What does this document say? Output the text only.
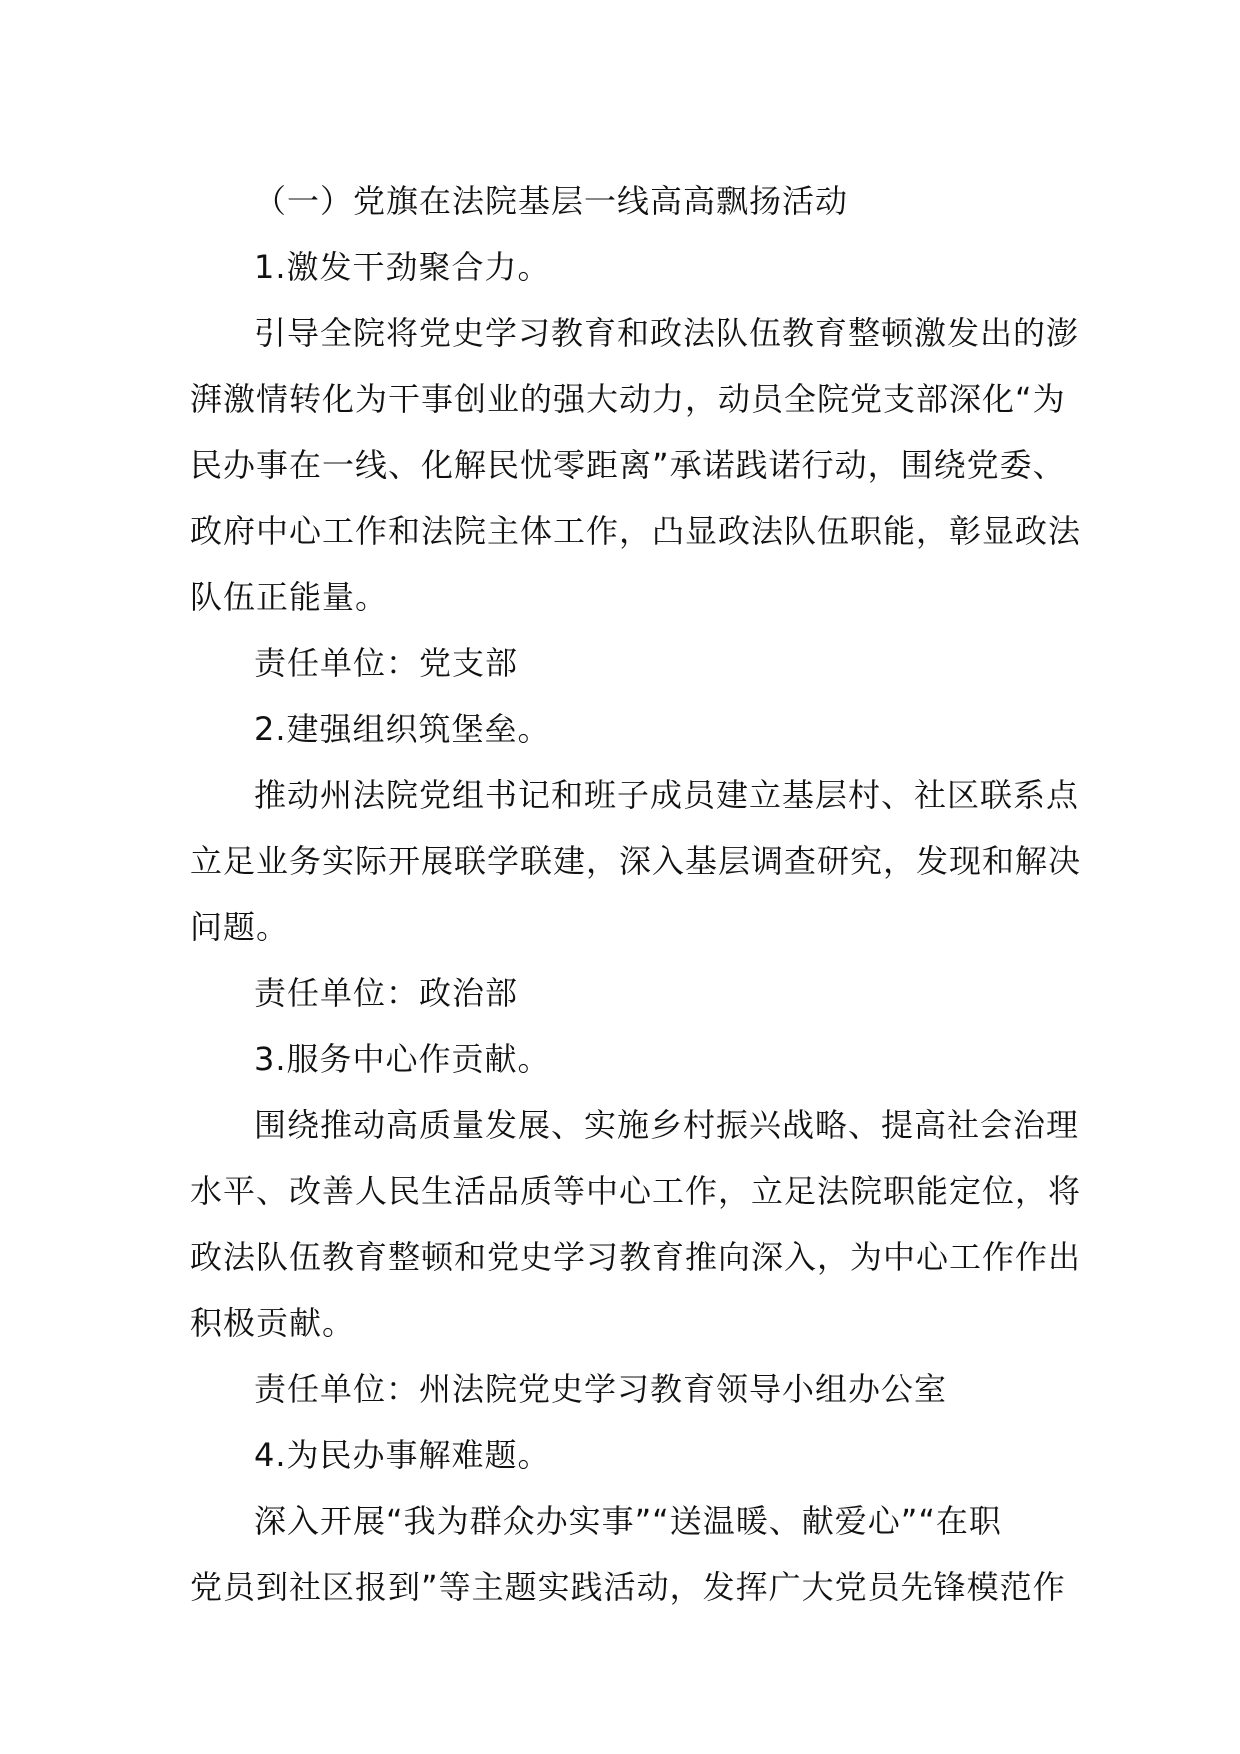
（一）党旗在法院基层一线高高飘扬活动
1.激发干劲聚合力。
引导全院将党史学习教育和政法队伍教育整顿激发出的澎
湃激情转化为干事创业的强大动力，动员全院党支部深化“为
民办事在一线、化解民忧零距离”承诺践诺行动，围绕党委、
政府中心工作和法院主体工作，凸显政法队伍职能，彰显政法
队伍正能量。
责任单位：党支部
2.建强组织筑堡垒。
推动州法院党组书记和班子成员建立基层村、社区联系点
立足业务实际开展联学联建，深入基层调查研究，发现和解决
问题。
责任单位：政治部
3.服务中心作贡献。
围绕推动高质量发展、实施乡村振兴战略、提高社会治理
水平、改善人民生活品质等中心工作，立足法院职能定位，将
政法队伍教育整顿和党史学习教育推向深入，为中心工作作出
积极贡献。
责任单位：州法院党史学习教育领导小组办公室
4.为民办事解难题。
深入开展“我为群众办实事”“送温暖、献爱心”“在职
党员到社区报到”等主题实践活动，发挥广大党员先锋模范作
